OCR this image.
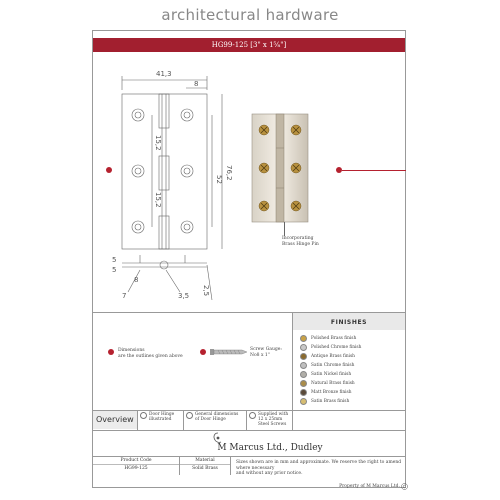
architectural hardware
HG99-125 [3" x 1⁵⁄₈"]
41,3
8
52 76,2
15,2
15,2
5
5
8
7	3,5 2,5
Incorporating
Brass Hinge Pin
Dimensions
are the outlines given above
Screw Gauge:
No8 x 1"
FINISHES
Polished Brass finish
Polished Chrome finish
Antique Brass finish
Satin Chrome finish
Satin Nickel finish
Natural Brass finish
Matt Bronze finish
Satin Brass finish
Overview
Door Hinge
illustrated
General dimensions
of Door Hinge
Supplied with
12 x 25mm Steel Screws
M Marcus Ltd., Dudley
Product Code
HG99-125
Material
Solid Brass
Sizes shown are in mm and approximate. We reserve the right to amend where necessary
and without any prior notice.
Property of M Marcus Ltd.
